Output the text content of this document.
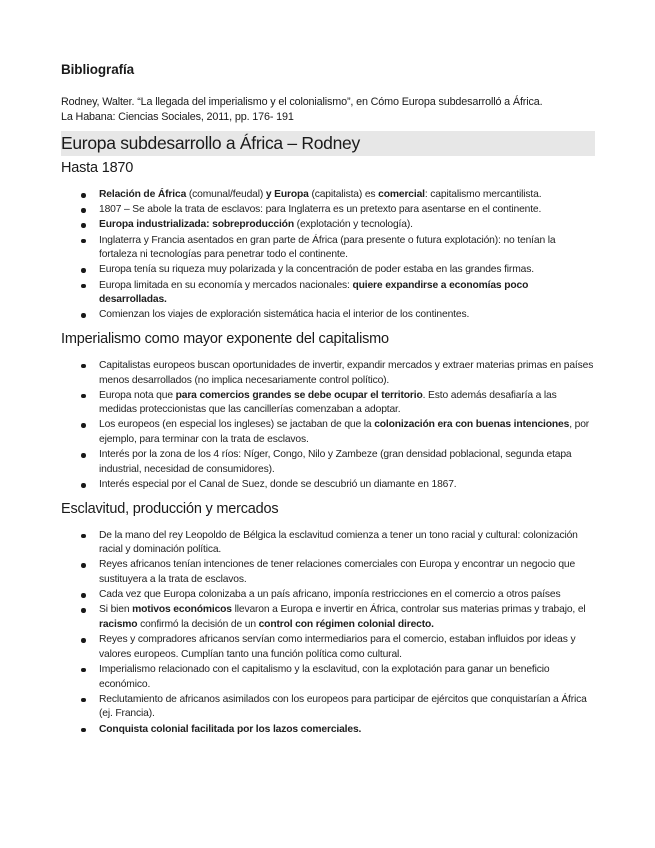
Bibliografía
Rodney, Walter. “La llegada del imperialismo y el colonialismo”, en Cómo Europa subdesarrolló a África.
La Habana: Ciencias Sociales, 2011, pp. 176- 191
Europa subdesarrollo a África – Rodney
Hasta 1870
Relación de África (comunal/feudal) y Europa (capitalista) es comercial: capitalismo mercantilista.
1807 – Se abole la trata de esclavos: para Inglaterra es un pretexto para asentarse en el continente.
Europa industrializada: sobreproducción (explotación y tecnología).
Inglaterra y Francia asentados en gran parte de África (para presente o futura explotación): no tenían la fortaleza ni tecnologías para penetrar todo el continente.
Europa tenía su riqueza muy polarizada y la concentración de poder estaba en las grandes firmas.
Europa limitada en su economía y mercados nacionales: quiere expandirse a economías poco desarrolladas.
Comienzan los viajes de exploración sistemática hacia el interior de los continentes.
Imperialismo como mayor exponente del capitalismo
Capitalistas europeos buscan oportunidades de invertir, expandir mercados y extraer materias primas en países menos desarrollados (no implica necesariamente control político).
Europa nota que para comercios grandes se debe ocupar el territorio. Esto además desafiaría a las medidas proteccionistas que las cancillerías comenzaban a adoptar.
Los europeos (en especial los ingleses) se jactaban de que la colonización era con buenas intenciones, por ejemplo, para terminar con la trata de esclavos.
Interés por la zona de los 4 ríos: Níger, Congo, Nilo y Zambeze (gran densidad poblacional, segunda etapa industrial, necesidad de consumidores).
Interés especial por el Canal de Suez, donde se descubrió un diamante en 1867.
Esclavitud, producción y mercados
De la mano del rey Leopoldo de Bélgica la esclavitud comienza a tener un tono racial y cultural: colonización racial y dominación política.
Reyes africanos tenían intenciones de tener relaciones comerciales con Europa y encontrar un negocio que sustituyera a la trata de esclavos.
Cada vez que Europa colonizaba a un país africano, imponía restricciones en el comercio a otros países
Si bien motivos económicos llevaron a Europa e invertir en África, controlar sus materias primas y trabajo, el racismo confirmó la decisión de un control con régimen colonial directo.
Reyes y compradores africanos servían como intermediarios para el comercio, estaban influidos por ideas y valores europeos. Cumplían tanto una función política como cultural.
Imperialismo relacionado con el capitalismo y la esclavitud, con la explotación para ganar un beneficio económico.
Reclutamiento de africanos asimilados con los europeos para participar de ejércitos que conquistarían a África (ej. Francia).
Conquista colonial facilitada por los lazos comerciales.
